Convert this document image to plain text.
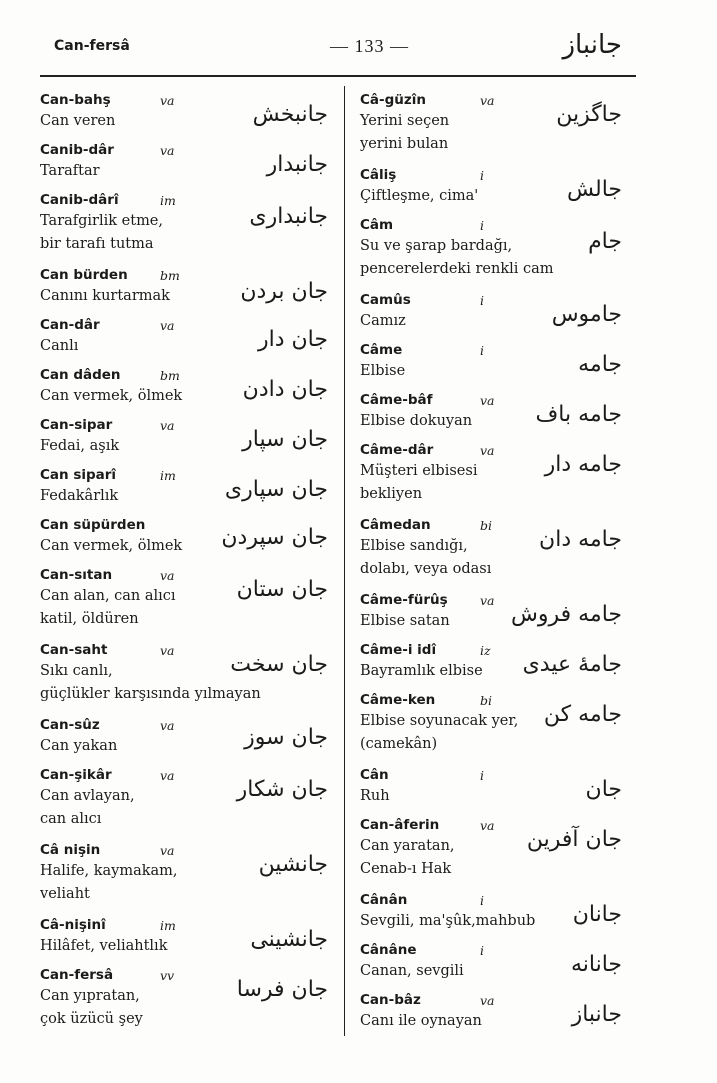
Can-fersâ	— 133 —	جانباز
Can-bahş	va
Can veren	جانبخش
Canib-dâr	va
Taraftar	جانبدار
Canib-dârî	im
Tarafgirlik etme,
bir tarafı tutma
جانبداری
Can bürden	bm
Canını kurtarmak	جان بردن
Can-dâr	va
Canlı	جان دار
Can dâden	bm
Can vermek, ölmek	جان دادن
Can-sipar	va
Fedai, aşık	جان سپار
Can siparî	im
Fedakârlık	جان سپاری
Can süpürden
Can vermek, ölmek جان سپردن
Can-sıtan	va
Can alan, can alıcı
katil, öldüren
جان ستان
Can-saht	va
Sıkı canlı,
güçlükler karşısında yılmayan
جان سخت
Can-sûz	va
Can yakan	جان سوز
Can-şikâr	va
Can avlayan,
can alıcı
جان شکار
Câ nişin	va
Halife, kaymakam,
veliaht
جانشین
Câ-nişinî	im
Hilâfet, veliahtlık	جانشینی
Can-fersâ	vv
Can yıpratan,
çok üzücü şey
جان فرسا
Câ-güzîn	va
Yerini seçen
yerini bulan
جاگزین
Câliş	i
Çiftleşme, cima'	جالش
Câm	i
Su ve şarap bardağı,
pencerelerdeki renkli cam
جام
Camûs	i
Camız	جاموس
Câme	i
Elbise	جامه
Câme-bâf	va
Elbise dokuyan	جامه باف
Câme-dâr	va
Müşteri elbisesi
bekliyen
جامه دار
Câmedan	bi
Elbise sandığı,
dolabı, veya odası
جامه دان
Câme-fürûş	va
Elbise satan	جامه فروش
Câme-i idî	iz
Bayramlık elbise جامهٔ عیدی
Câme-ken	bi
Elbise soyunacak yer,
(camekân)
جامه کن
Cân	i
Ruh	جان
Can-âferin	va
Can yaratan,
Cenab-ı Hak
جان آفرین
Cânân	i
Sevgili, ma'şûk,mahbub جانان
Cânâne	i
Canan, sevgili	جانانه
Can-bâz	va
Canı ile oynayan	جانباز
